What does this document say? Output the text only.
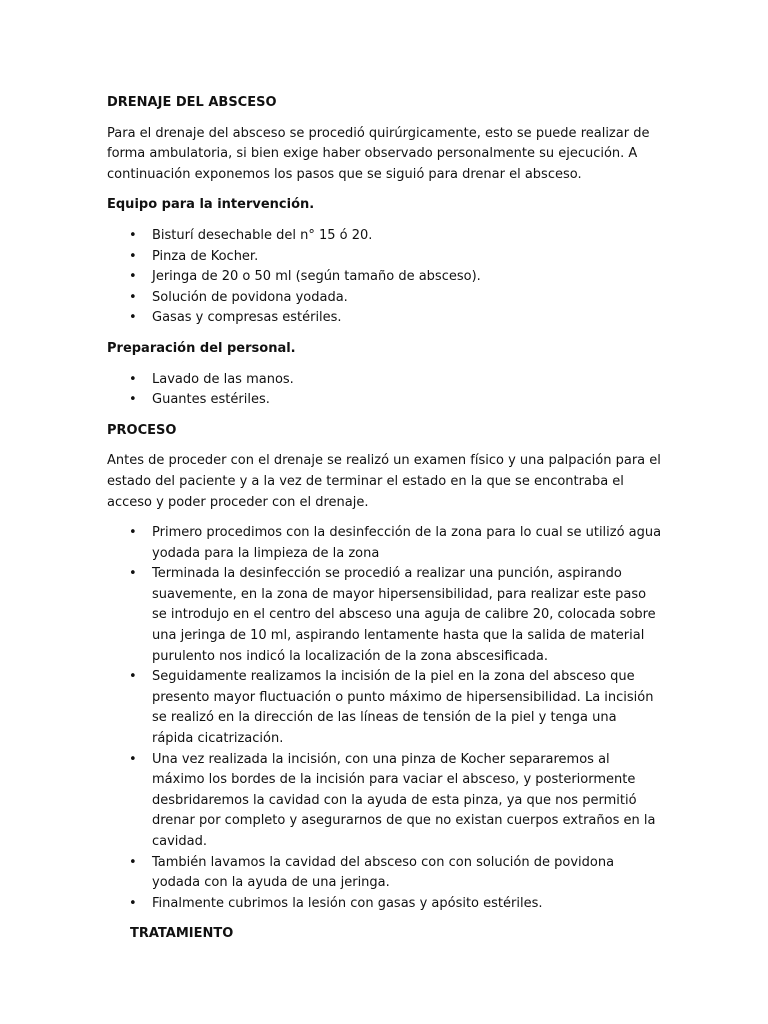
DRENAJE DEL ABSCESO
Para el drenaje del absceso se procedió quirúrgicamente, esto se puede realizar de forma ambulatoria, si bien exige haber observado personalmente su ejecución. A continuación exponemos los pasos que se siguió para drenar el absceso.
Equipo para la intervención.
• Bisturí desechable del n° 15 ó 20.
• Pinza de Kocher.
• Jeringa de 20 o 50 ml (según tamaño de absceso).
• Solución de povidona yodada.
• Gasas y compresas estériles.
Preparación del personal.
• Lavado de las manos.
• Guantes estériles.
PROCESO
Antes de proceder con el drenaje se realizó un examen físico y una palpación para el estado del paciente y a la vez de terminar el estado en la que se encontraba el acceso y poder proceder con el drenaje.
• Primero procedimos con la desinfección de la zona para lo cual se utilizó agua yodada para la limpieza de la zona
• Terminada la desinfección se procedió a realizar una punción, aspirando suavemente, en la zona de mayor hipersensibilidad, para realizar este paso se introdujo en el centro del absceso una aguja de calibre 20, colocada sobre una jeringa de 10 ml, aspirando lentamente hasta que la salida de material purulento nos indicó la localización de la zona abscesificada.
• Seguidamente realizamos la incisión de la piel en la zona del absceso que presento mayor fluctuación o punto máximo de hipersensibilidad. La incisión se realizó en la dirección de las líneas de tensión de la piel y tenga una rápida cicatrización.
• Una vez realizada la incisión, con una pinza de Kocher separaremos al máximo los bordes de la incisión para vaciar el absceso, y posteriormente desbridaremos la cavidad con la ayuda de esta pinza, ya que nos permitió drenar por completo y asegurarnos de que no existan cuerpos extraños en la cavidad.
• También lavamos la cavidad del absceso con con solución de povidona yodada con la ayuda de una jeringa.
• Finalmente cubrimos la lesión con gasas y apósito estériles.
TRATAMIENTO
